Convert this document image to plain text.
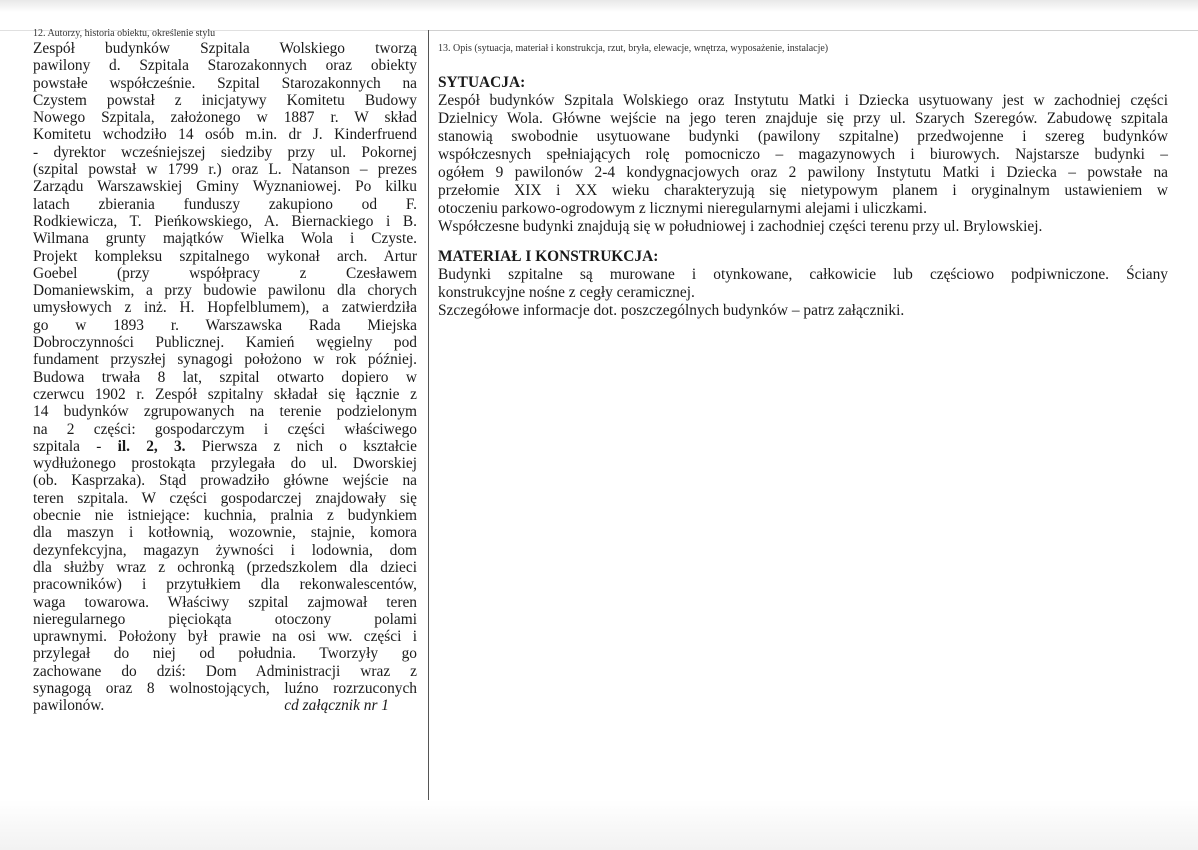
12. Autorzy, historia obiektu, określenie stylu
Zespół budynków Szpitala Wolskiego tworzą
pawilony d. Szpitala Starozakonnych oraz obiekty
powstałe współcześnie. Szpital Starozakonnych na
Czystem powstał z inicjatywy Komitetu Budowy
Nowego Szpitala, założonego w 1887 r. W skład
Komitetu wchodziło 14 osób m.in. dr J. Kinderfruend
- dyrektor wcześniejszej siedziby przy ul. Pokornej
(szpital powstał w 1799 r.) oraz L. Natanson – prezes
Zarządu Warszawskiej Gminy Wyznaniowej. Po kilku
latach zbierania funduszy zakupiono od F.
Rodkiewicza, T. Pieńkowskiego, A. Biernackiego i B.
Wilmana grunty majątków Wielka Wola i Czyste.
Projekt kompleksu szpitalnego wykonał arch. Artur
Goebel (przy współpracy z Czesławem
Domaniewskim, a przy budowie pawilonu dla chorych
umysłowych z inż. H. Hopfelblumem), a zatwierdziła
go w 1893 r. Warszawska Rada Miejska
Dobroczynności Publicznej. Kamień węgielny pod
fundament przyszłej synagogi położono w rok później.
Budowa trwała 8 lat, szpital otwarto dopiero w
czerwcu 1902 r. Zespół szpitalny składał się łącznie z
14 budynków zgrupowanych na terenie podzielonym
na 2 części: gospodarczym i części właściwego
szpitala - il. 2, 3. Pierwsza z nich o kształcie
wydłużonego prostokąta przylegała do ul. Dworskiej
(ob. Kasprzaka). Stąd prowadziło główne wejście na
teren szpitala. W części gospodarczej znajdowały się
obecnie nie istniejące: kuchnia, pralnia z budynkiem
dla maszyn i kotłownią, wozownie, stajnie, komora
dezynfekcyjna, magazyn żywności i lodownia, dom
dla służby wraz z ochronką (przedszkolem dla dzieci
pracowników) i przytułkiem dla rekonwalescentów,
waga towarowa. Właściwy szpital zajmował teren
nieregularnego pięciokąta otoczony polami
uprawnymi. Położony był prawie na osi ww. części i
przylegał do niej od południa. Tworzyły go
zachowane do dziś: Dom Administracji wraz z
synagogą oraz 8 wolnostojących, luźno rozrzuconych
pawilonów.	cd załącznik nr 1
13. Opis (sytuacja, materiał i konstrukcja, rzut, bryła, elewacje, wnętrza, wyposażenie, instalacje)
SYTUACJA:
Zespół budynków Szpitala Wolskiego oraz Instytutu Matki i Dziecka usytuowany jest w zachodniej części
Dzielnicy Wola. Główne wejście na jego teren znajduje się przy ul. Szarych Szeregów. Zabudowę szpitala
stanowią swobodnie usytuowane budynki (pawilony szpitalne) przedwojenne i szereg budynków
współczesnych spełniających rolę pomocniczo – magazynowych i biurowych. Najstarsze budynki –
ogółem 9 pawilonów 2-4 kondygnacjowych oraz 2 pawilony Instytutu Matki i Dziecka – powstałe na
przełomie XIX i XX wieku charakteryzują się nietypowym planem i oryginalnym ustawieniem w
otoczeniu parkowo-ogrodowym z licznymi nieregularnymi alejami i uliczkami.
Współczesne budynki znajdują się w południowej i zachodniej części terenu przy ul. Brylowskiej.
MATERIAŁ I KONSTRUKCJA:
Budynki szpitalne są murowane i otynkowane, całkowicie lub częściowo podpiwniczone. Ściany
konstrukcyjne nośne z cegły ceramicznej.
Szczegółowe informacje dot. poszczególnych budynków – patrz załączniki.
